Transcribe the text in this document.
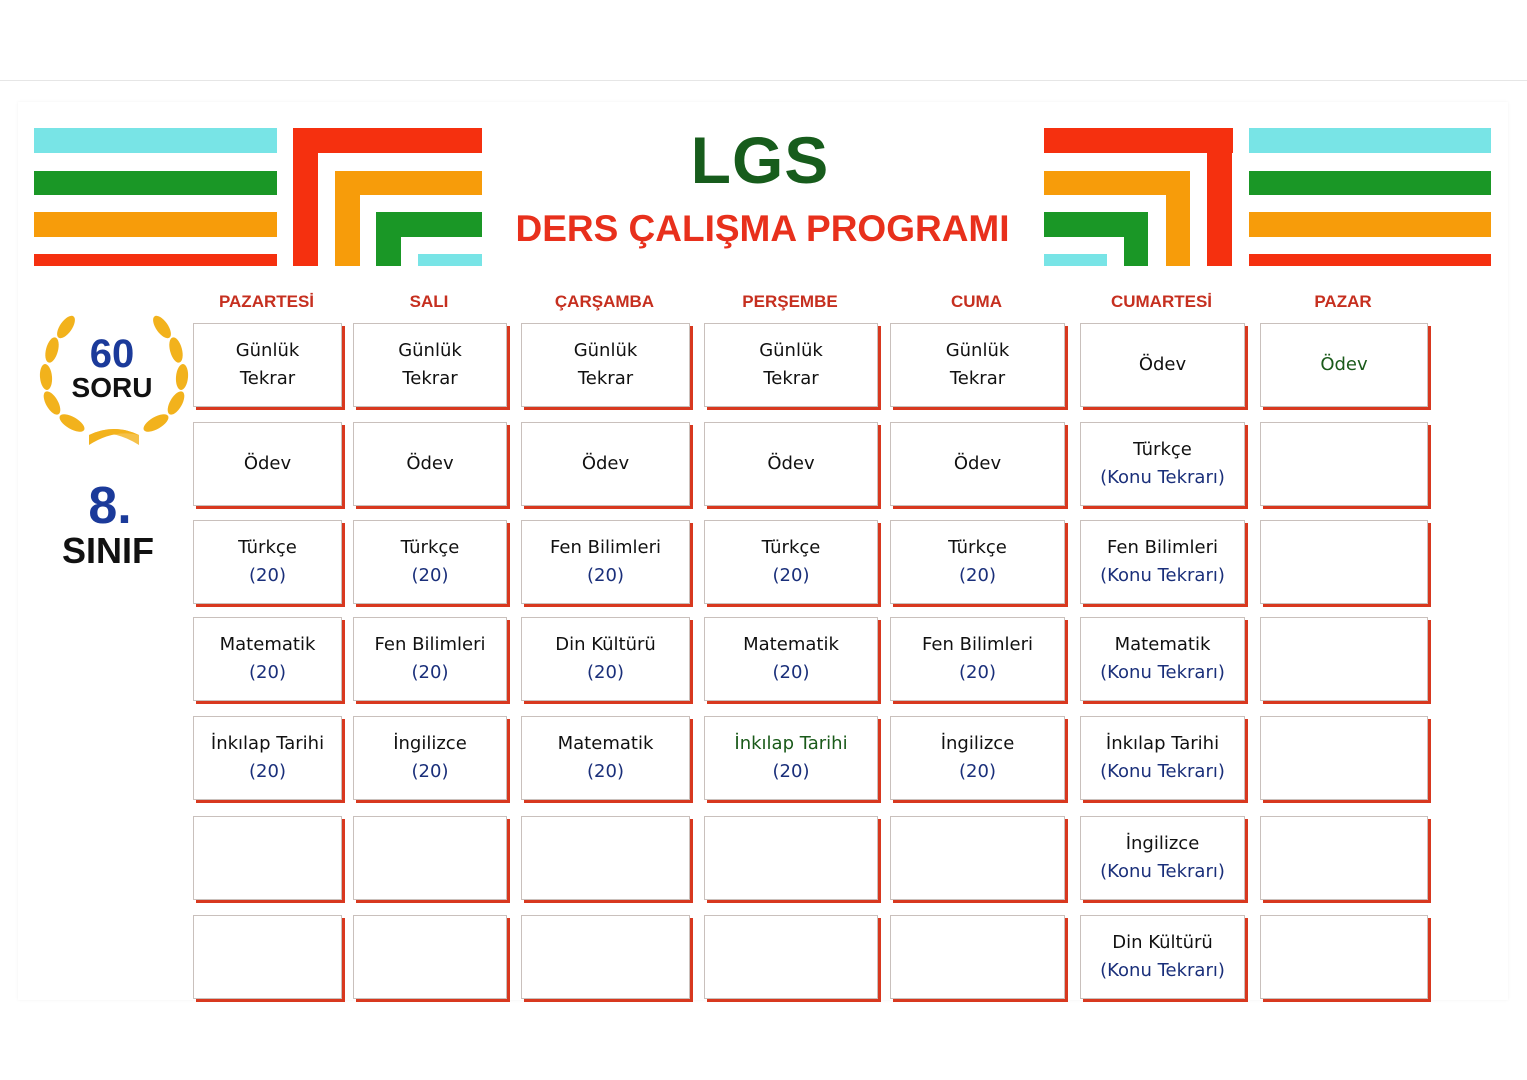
LGS
DERS ÇALIŞMA PROGRAMI
60
SORU
8.
SINIF
PAZARTESİ
Günlük
Tekrar
Ödev
Türkçe
(20)
Matematik
(20)
İnkılap Tarihi
(20)
SALI
Günlük
Tekrar
Ödev
Türkçe
(20)
Fen Bilimleri
(20)
İngilizce
(20)
ÇARŞAMBA
Günlük
Tekrar
Ödev
Fen Bilimleri
(20)
Din Kültürü
(20)
Matematik
(20)
PERŞEMBE
Günlük
Tekrar
Ödev
Türkçe
(20)
Matematik
(20)
İnkılap Tarihi
(20)
CUMA
Günlük
Tekrar
Ödev
Türkçe
(20)
Fen Bilimleri
(20)
İngilizce
(20)
CUMARTESİ
Ödev
Türkçe
(Konu Tekrarı)
Fen Bilimleri
(Konu Tekrarı)
Matematik
(Konu Tekrarı)
İnkılap Tarihi
(Konu Tekrarı)
İngilizce
(Konu Tekrarı)
Din Kültürü
(Konu Tekrarı)
PAZAR
Ödev
